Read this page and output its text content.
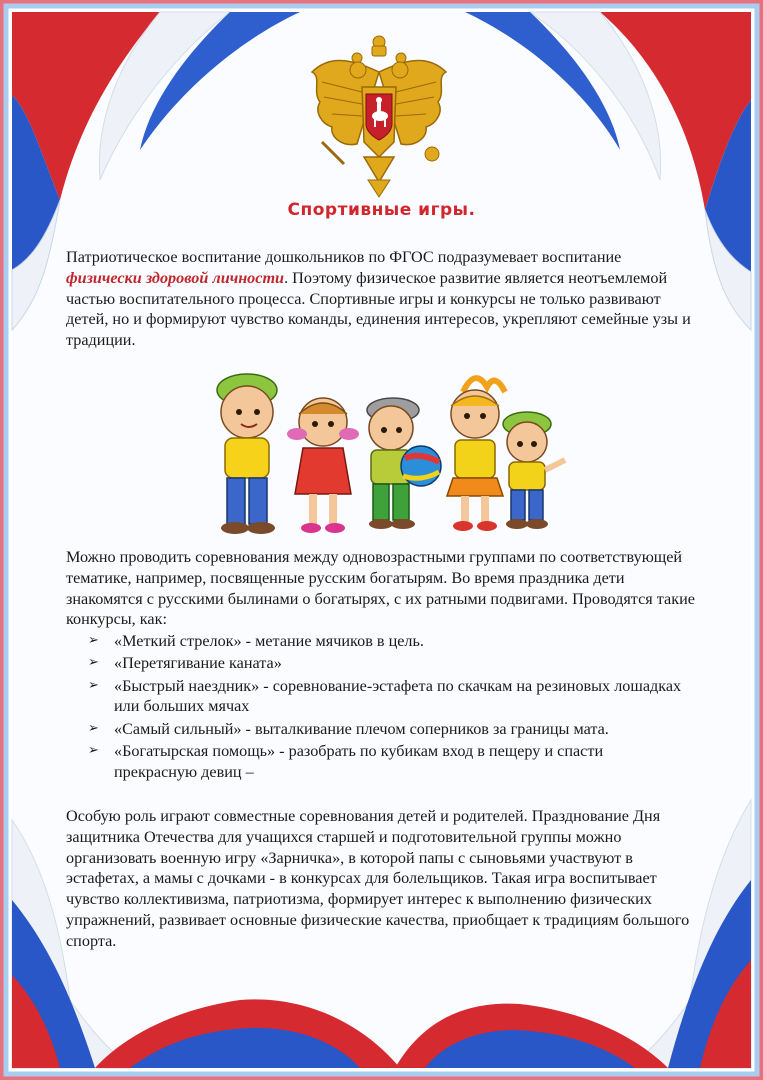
Спортивные игры.

Патриотическое воспитание дошкольников по ФГОС подразумевает воспитание физически здоровой личности. Поэтому физическое развитие является неотъемлемой частью воспитательного процесса. Спортивные игры и конкурсы не только развивают детей, но и формируют чувство команды, единения интересов, укрепляют семейные узы и традиции.

Можно проводить соревнования между одновозрастными группами по соответствующей тематике, например, посвященные русским богатырям. Во время праздника дети знакомятся с русскими былинами о богатырях, с их ратными подвигами. Проводятся такие конкурсы, как:

➢ «Меткий стрелок» - метание мячиков в цель.
➢ «Перетягивание каната»
➢ «Быстрый наездник» - соревнование-эстафета по скачкам на резиновых лошадках или больших мячах
➢ «Самый сильный» - выталкивание плечом соперников за границы мата.
➢ «Богатырская помощь» - разобрать по кубикам вход в пещеру и спасти прекрасную девиц –

Особую роль играют совместные соревнования детей и родителей. Празднование Дня защитника Отечества для учащихся старшей и подготовительной группы можно организовать военную игру «Зарничка», в которой папы с сыновьями участвуют в эстафетах, а мамы с дочками - в конкурсах для болельщиков. Такая игра воспитывает чувство коллективизма, патриотизма, формирует интерес к выполнению физических упражнений, развивает основные физические качества, приобщает к традициям большого спорта.
